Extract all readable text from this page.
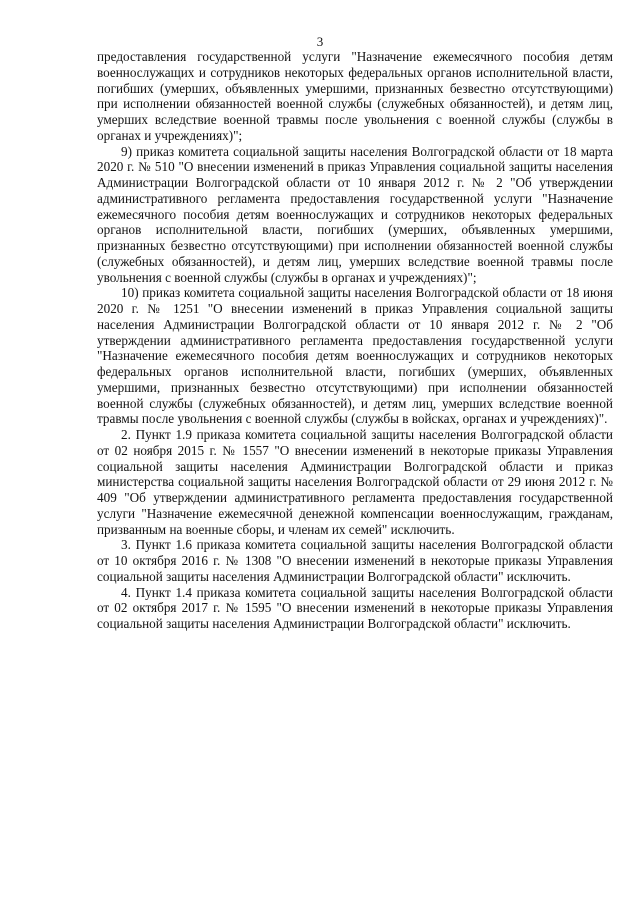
3

предоставления государственной услуги "Назначение ежемесячного пособия детям военнослужащих и сотрудников некоторых федеральных органов исполнительной власти, погибших (умерших, объявленных умершими, признанных безвестно отсутствующими) при исполнении обязанностей военной службы (служебных обязанностей), и детям лиц, умерших вследствие военной травмы после увольнения с военной службы (службы в органах и учреждениях)";

9) приказ комитета социальной защиты населения Волгоградской области от 18 марта 2020 г. № 510 "О внесении изменений в приказ Управления социальной защиты населения Администрации Волгоградской области от 10 января 2012 г. № 2 "Об утверждении административного регламента предоставления государственной услуги "Назначение ежемесячного пособия детям военнослужащих и сотрудников некоторых федеральных органов исполнительной власти, погибших (умерших, объявленных умершими, признанных безвестно отсутствующими) при исполнении обязанностей военной службы (служебных обязанностей), и детям лиц, умерших вследствие военной травмы после увольнения с военной службы (службы в органах и учреждениях)";

10) приказ комитета социальной защиты населения Волгоградской области от 18 июня 2020 г. № 1251 "О внесении изменений в приказ Управления социальной защиты населения Администрации Волгоградской области от 10 января 2012 г. № 2 "Об утверждении административного регламента предоставления государственной услуги "Назначение ежемесячного пособия детям военнослужащих и сотрудников некоторых федеральных органов исполнительной власти, погибших (умерших, объявленных умершими, признанных безвестно отсутствующими) при исполнении обязанностей военной службы (служебных обязанностей), и детям лиц, умерших вследствие военной травмы после увольнения с военной службы (службы в войсках, органах и учреждениях)".

2. Пункт 1.9 приказа комитета социальной защиты населения Волгоградской области от 02 ноября 2015 г. № 1557 "О внесении изменений в некоторые приказы Управления социальной защиты населения Администрации Волгоградской области и приказ министерства социальной защиты населения Волгоградской области от 29 июня 2012 г. № 409 "Об утверждении административного регламента предоставления государственной услуги "Назначение ежемесячной денежной компенсации военнослужащим, гражданам, призванным на военные сборы, и членам их семей" исключить.

3. Пункт 1.6 приказа комитета социальной защиты населения Волгоградской области от 10 октября 2016 г. № 1308 "О внесении изменений в некоторые приказы Управления социальной защиты населения Администрации Волгоградской области" исключить.

4. Пункт 1.4 приказа комитета социальной защиты населения Волгоградской области от 02 октября 2017 г. № 1595 "О внесении изменений в некоторые приказы Управления социальной защиты населения Администрации Волгоградской области" исключить.
